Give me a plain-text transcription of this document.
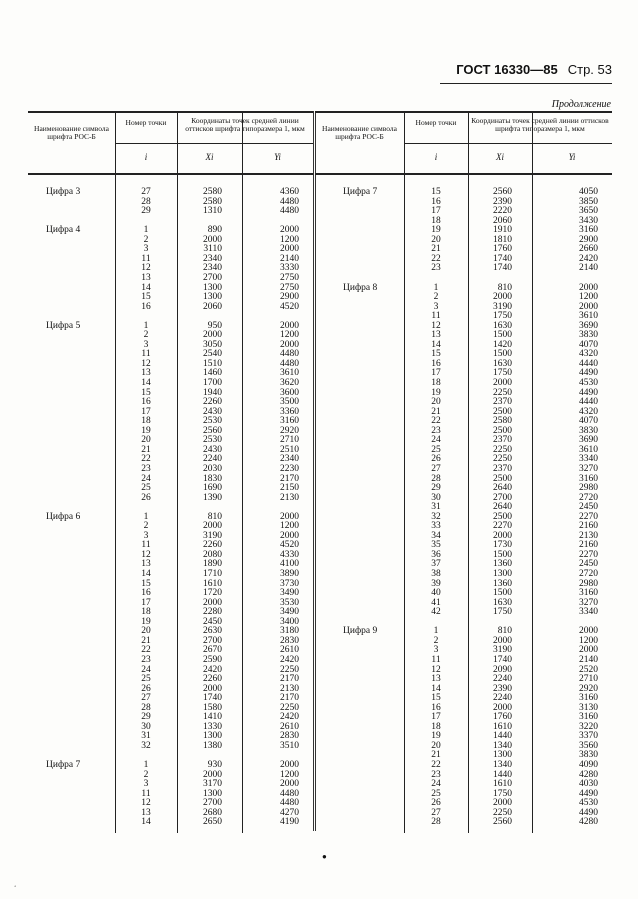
ГОСТ 16330—85 Стр. 53
Продолжение
Наименование символа шрифта РОС-Б
Номер точки	Координаты точек средней линии оттисков шрифта типоразмера 1, мкм
i	Xi	Yi
Цифра 3	27	2580	4360
28	2580	4480
29	1310	4480
Цифра 4	1	890	2000
2	2000	1200
3	3110	2000
11	2340	2140
12	2340	3330
13	2700	2750
14	1300	2750
15	1300	2900
16	2060	4520
Цифра 5	1	950	2000
2	2000	1200
3	3050	2000
11	2540	4480
12	1510	4480
13	1460	3610
14	1700	3620
15	1940	3600
16	2260	3500
17	2430	3360
18	2530	3160
19	2560	2920
20	2530	2710
21	2430	2510
22	2240	2340
23	2030	2230
24	1830	2170
25	1690	2150
26	1390	2130
Цифра 6	1	810	2000
2	2000	1200
3	3190	2000
11	2260	4520
12	2080	4330
13	1890	4100
14	1710	3890
15	1610	3730
16	1720	3490
17	2000	3530
18	2280	3490
19	2450	3400
20	2630	3180
21	2700	2830
22	2670	2610
23	2590	2420
24	2420	2250
25	2260	2170
26	2000	2130
27	1740	2170
28	1580	2250
29	1410	2420
30	1330	2610
31	1300	2830
32	1380	3510
Цифра 7	1	930	2000
2	2000	1200
3	3170	2000
11	1300	4480
12	2700	4480
13	2680	4270
14	2650	4190
Наименование символа шрифта РОС-Б
Номер точки	Координаты точек средней линии оттисков шрифта типоразмера 1, мкм
i	Xi	Yi
Цифра 7	15	2560	4050
16	2390	3850
17	2220	3650
18	2060	3430
19	1910	3160
20	1810	2900
21	1760	2660
22	1740	2420
23	1740	2140
Цифра 8	1	810	2000
2	2000	1200
3	3190	2000
11	1750	3610
12	1630	3690
13	1500	3830
14	1420	4070
15	1500	4320
16	1630	4440
17	1750	4490
18	2000	4530
19	2250	4490
20	2370	4440
21	2500	4320
22	2580	4070
23	2500	3830
24	2370	3690
25	2250	3610
26	2250	3340
27	2370	3270
28	2500	3160
29	2640	2980
30	2700	2720
31	2640	2450
32	2500	2270
33	2270	2160
34	2000	2130
35	1730	2160
36	1500	2270
37	1360	2450
38	1300	2720
39	1360	2980
40	1500	3160
41	1630	3270
42	1750	3340
Цифра 9	1	810	2000
2	2000	1200
3	3190	2000
11	1740	2140
12	2090	2520
13	2240	2710
14	2390	2920
15	2240	3160
16	2000	3130
17	1760	3160
18	1610	3220
19	1440	3370
20	1340	3560
21	1300	3830
22	1340	4090
23	1440	4280
24	1610	4030
25	1750	4490
26	2000	4530
27	2250	4490
28	2560	4280
●
‘
